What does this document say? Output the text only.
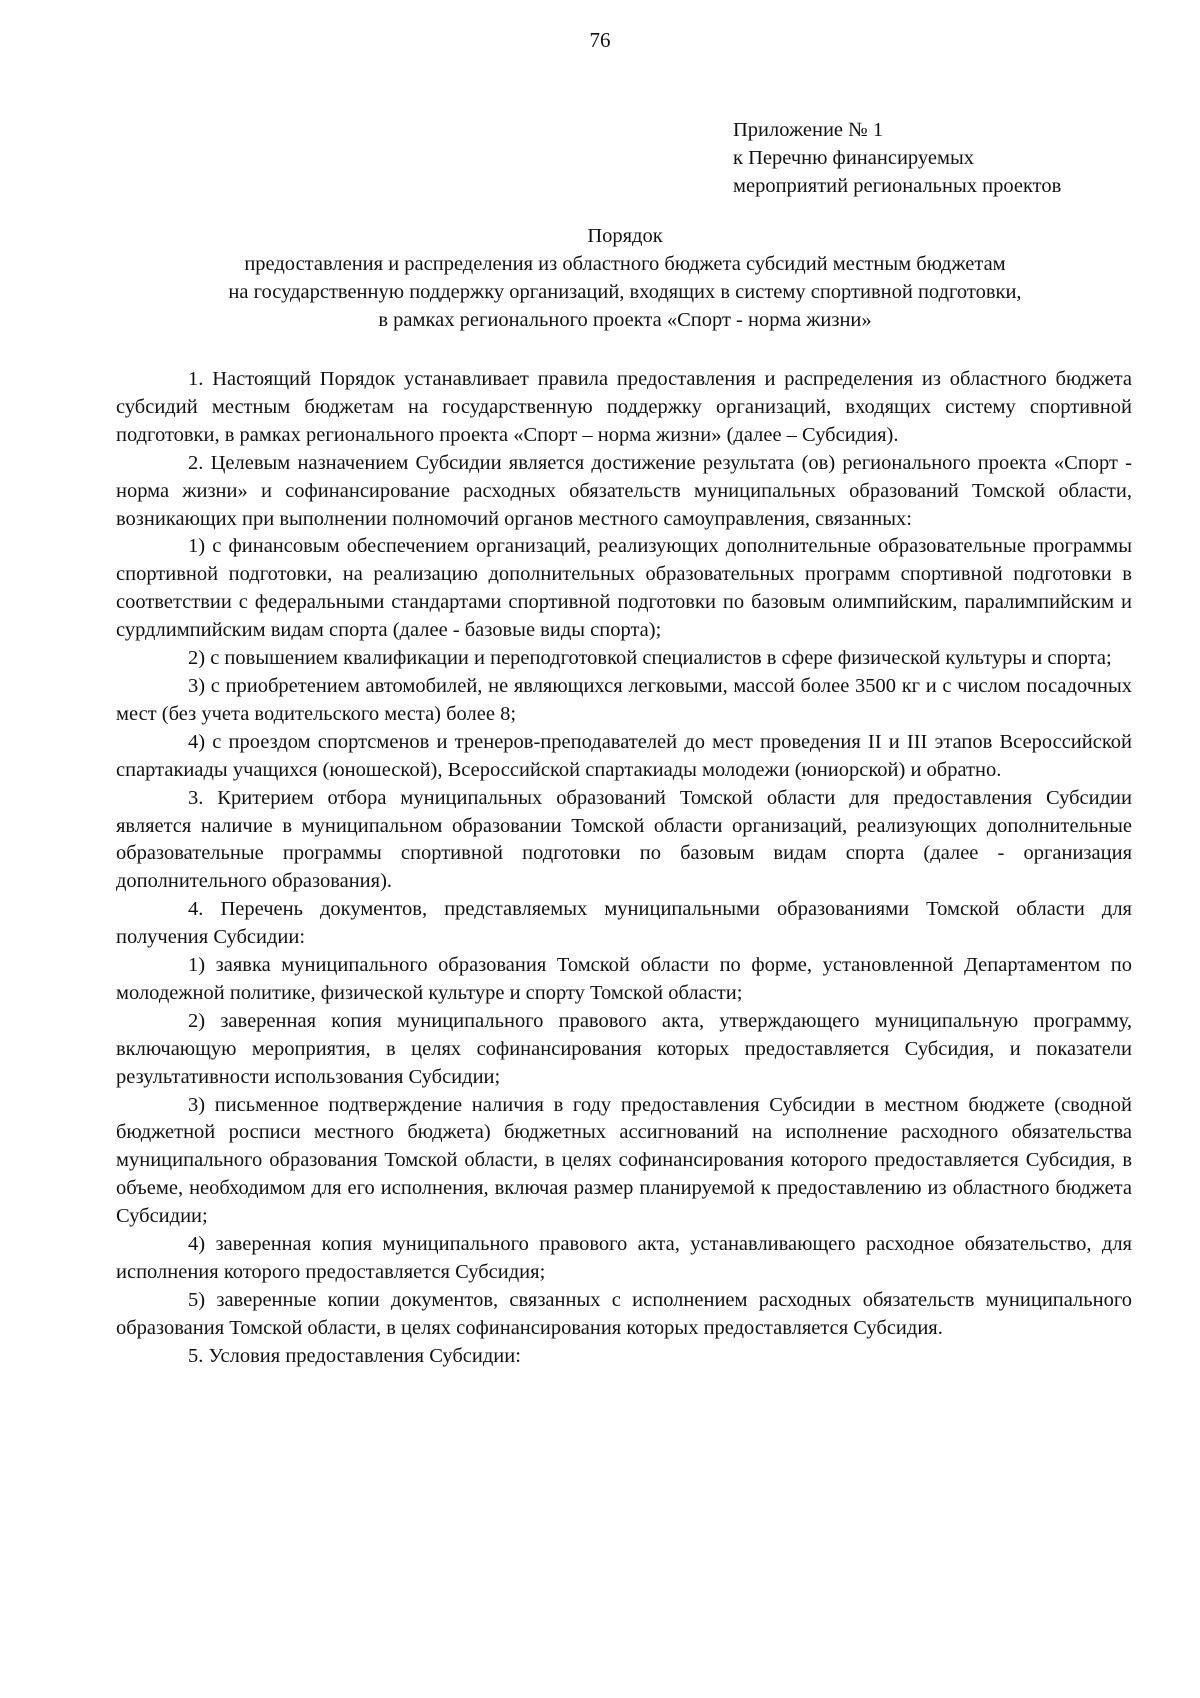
76
Приложение № 1
к Перечню финансируемых
мероприятий региональных проектов
Порядок
предоставления и распределения из областного бюджета субсидий местным бюджетам
на государственную поддержку организаций, входящих в систему спортивной подготовки,
в рамках регионального проекта «Спорт - норма жизни»

1. Настоящий Порядок устанавливает правила предоставления и распределения из областного бюджета субсидий местным бюджетам на государственную поддержку организаций, входящих систему спортивной подготовки, в рамках регионального проекта «Спорт – норма жизни» (далее – Субсидия).

2. Целевым назначением Субсидии является достижение результата (ов) регионального проекта «Спорт - норма жизни» и софинансирование расходных обязательств муниципальных образований Томской области, возникающих при выполнении полномочий органов местного самоуправления, связанных:

1) с финансовым обеспечением организаций, реализующих дополнительные образовательные программы спортивной подготовки, на реализацию дополнительных образовательных программ спортивной подготовки в соответствии с федеральными стандартами спортивной подготовки по базовым олимпийским, паралимпийским и сурдлимпийским видам спорта (далее - базовые виды спорта);

2) с повышением квалификации и переподготовкой специалистов в сфере физической культуры и спорта;

3) с приобретением автомобилей, не являющихся легковыми, массой более 3500 кг и с числом посадочных мест (без учета водительского места) более 8;

4) с проездом спортсменов и тренеров-преподавателей до мест проведения II и III этапов Всероссийской спартакиады учащихся (юношеской), Всероссийской спартакиады молодежи (юниорской) и обратно.

3. Критерием отбора муниципальных образований Томской области для предоставления Субсидии является наличие в муниципальном образовании Томской области организаций, реализующих дополнительные образовательные программы спортивной подготовки по базовым видам спорта (далее - организация дополнительного образования).

4. Перечень документов, представляемых муниципальными образованиями Томской области для получения Субсидии:

1) заявка муниципального образования Томской области по форме, установленной Департаментом по молодежной политике, физической культуре и спорту Томской области;

2) заверенная копия муниципального правового акта, утверждающего муниципальную программу, включающую мероприятия, в целях софинансирования которых предоставляется Субсидия, и показатели результативности использования Субсидии;

3) письменное подтверждение наличия в году предоставления Субсидии в местном бюджете (сводной бюджетной росписи местного бюджета) бюджетных ассигнований на исполнение расходного обязательства муниципального образования Томской области, в целях софинансирования которого предоставляется Субсидия, в объеме, необходимом для его исполнения, включая размер планируемой к предоставлению из областного бюджета Субсидии;

4) заверенная копия муниципального правового акта, устанавливающего расходное обязательство, для исполнения которого предоставляется Субсидия;

5) заверенные копии документов, связанных с исполнением расходных обязательств муниципального образования Томской области, в целях софинансирования которых предоставляется Субсидия.

5. Условия предоставления Субсидии:
